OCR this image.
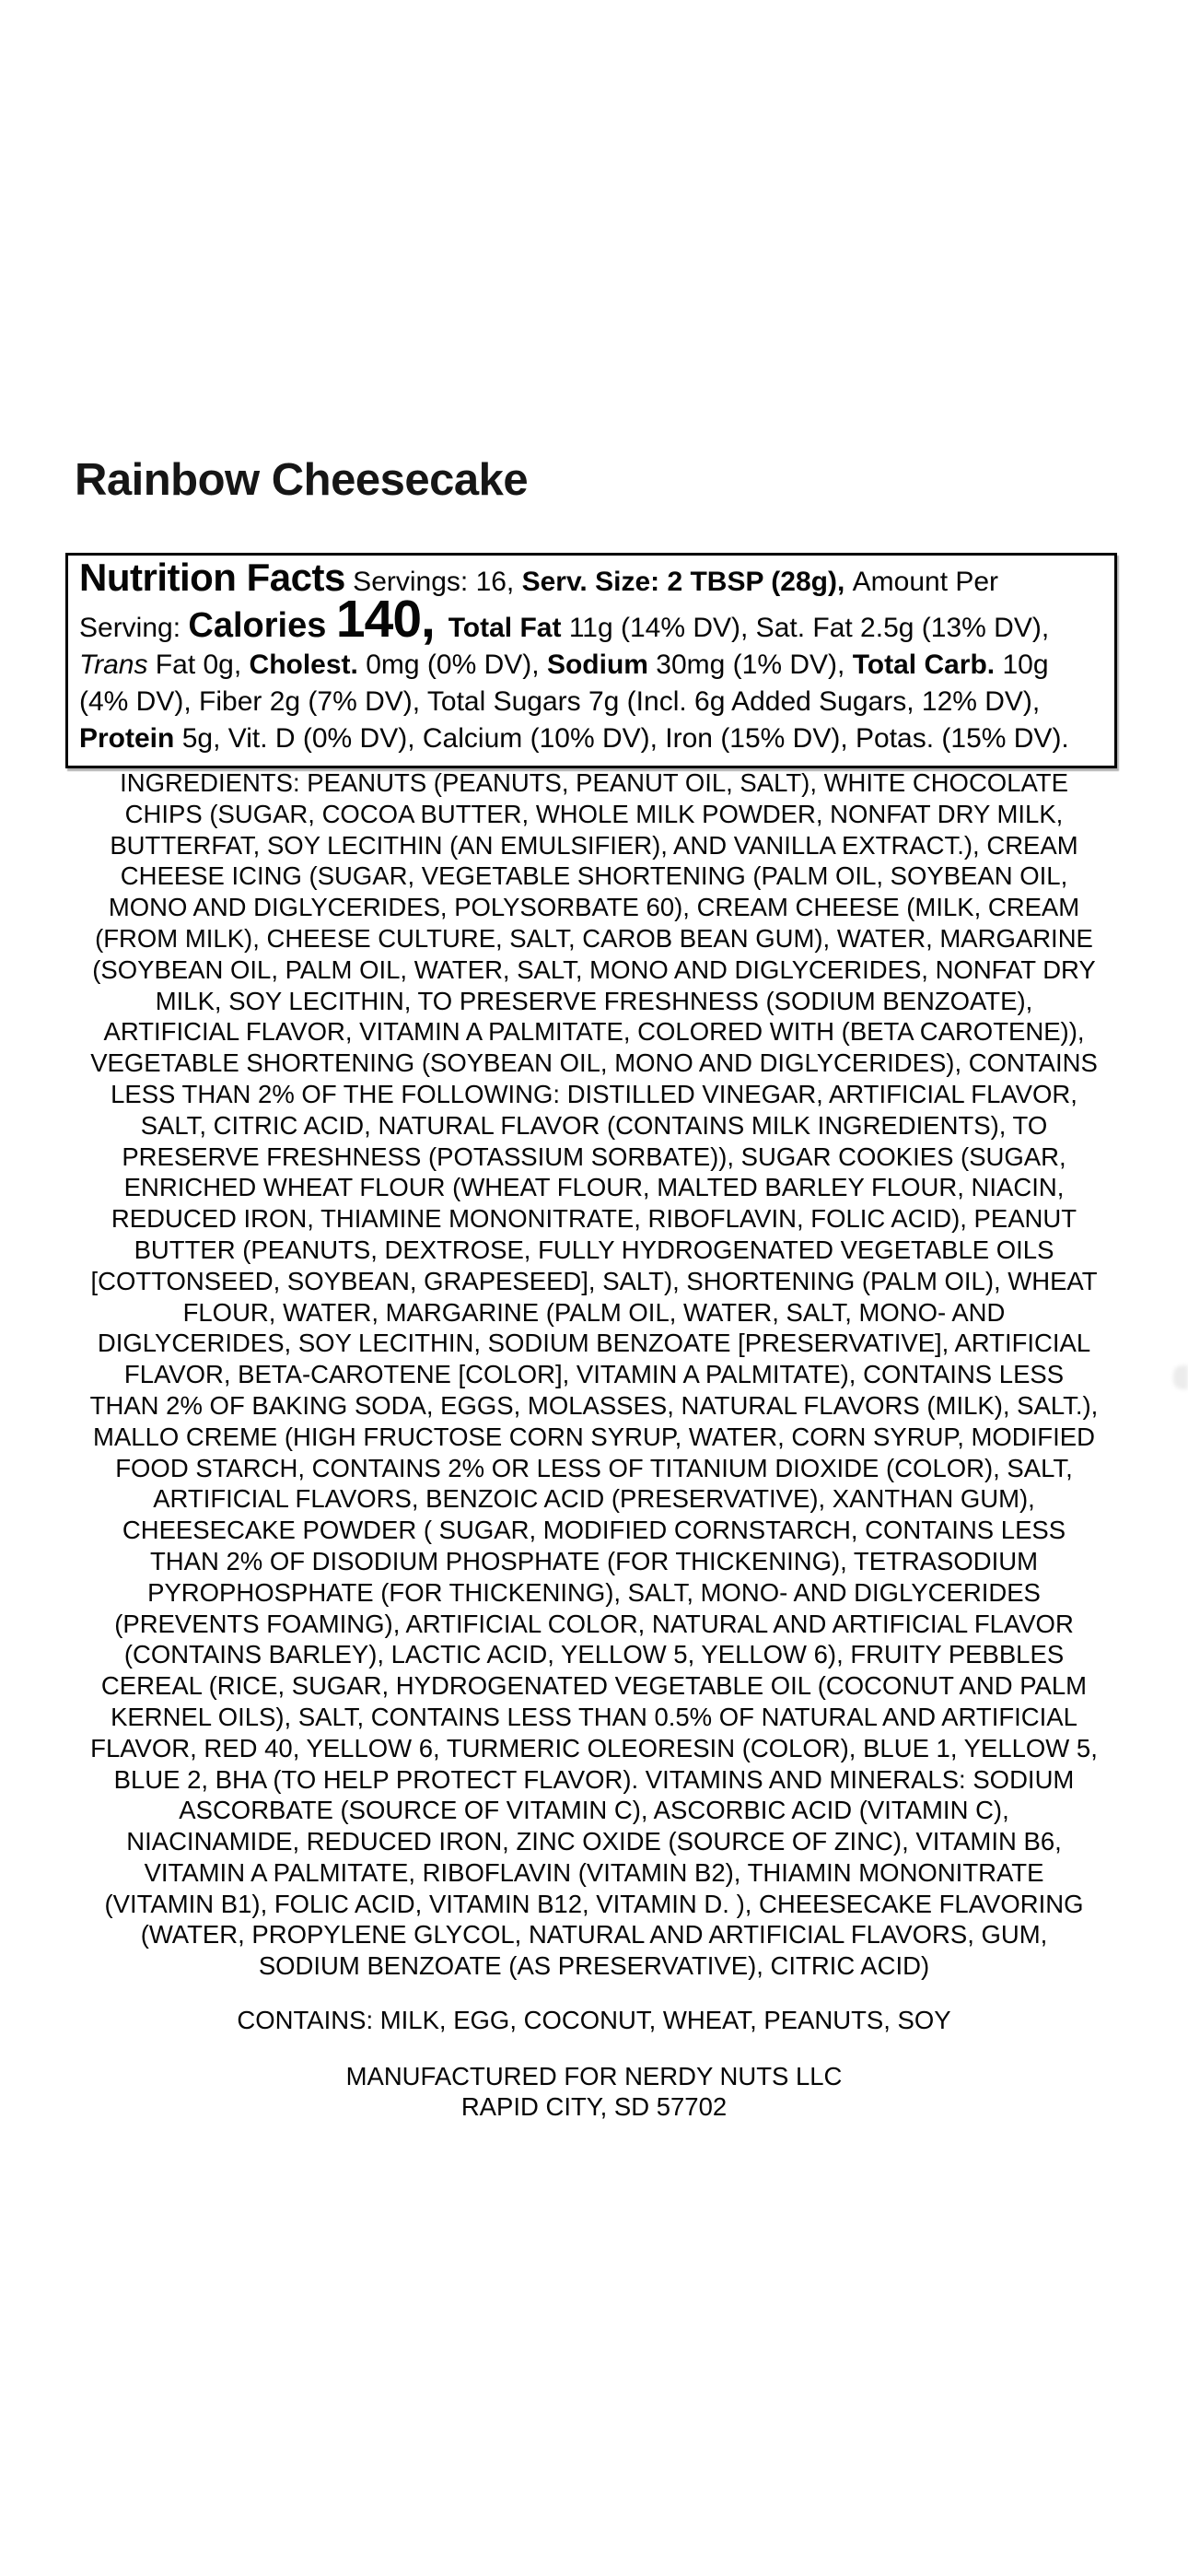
Rainbow Cheesecake

Nutrition Facts Servings: 16, Serv. Size: 2 TBSP (28g), Amount Per Serving: Calories 140, Total Fat 11g (14% DV), Sat. Fat 2.5g (13% DV), Trans Fat 0g, Cholest. 0mg (0% DV), Sodium 30mg (1% DV), Total Carb. 10g (4% DV), Fiber 2g (7% DV), Total Sugars 7g (Incl. 6g Added Sugars, 12% DV), Protein 5g, Vit. D (0% DV), Calcium (10% DV), Iron (15% DV), Potas. (15% DV).

INGREDIENTS: PEANUTS (PEANUTS, PEANUT OIL, SALT), WHITE CHOCOLATE
CHIPS (SUGAR, COCOA BUTTER, WHOLE MILK POWDER, NONFAT DRY MILK,
BUTTERFAT, SOY LECITHIN (AN EMULSIFIER), AND VANILLA EXTRACT.), CREAM
CHEESE ICING (SUGAR, VEGETABLE SHORTENING (PALM OIL, SOYBEAN OIL,
MONO AND DIGLYCERIDES, POLYSORBATE 60), CREAM CHEESE (MILK, CREAM
(FROM MILK), CHEESE CULTURE, SALT, CAROB BEAN GUM), WATER, MARGARINE
(SOYBEAN OIL, PALM OIL, WATER, SALT, MONO AND DIGLYCERIDES, NONFAT DRY
MILK, SOY LECITHIN, TO PRESERVE FRESHNESS (SODIUM BENZOATE),
ARTIFICIAL FLAVOR, VITAMIN A PALMITATE, COLORED WITH (BETA CAROTENE)),
VEGETABLE SHORTENING (SOYBEAN OIL, MONO AND DIGLYCERIDES), CONTAINS
LESS THAN 2% OF THE FOLLOWING: DISTILLED VINEGAR, ARTIFICIAL FLAVOR,
SALT, CITRIC ACID, NATURAL FLAVOR (CONTAINS MILK INGREDIENTS), TO
PRESERVE FRESHNESS (POTASSIUM SORBATE)), SUGAR COOKIES (SUGAR,
ENRICHED WHEAT FLOUR (WHEAT FLOUR, MALTED BARLEY FLOUR, NIACIN,
REDUCED IRON, THIAMINE MONONITRATE, RIBOFLAVIN, FOLIC ACID), PEANUT
BUTTER (PEANUTS, DEXTROSE, FULLY HYDROGENATED VEGETABLE OILS
[COTTONSEED, SOYBEAN, GRAPESEED], SALT), SHORTENING (PALM OIL), WHEAT
FLOUR, WATER, MARGARINE (PALM OIL, WATER, SALT, MONO- AND
DIGLYCERIDES, SOY LECITHIN, SODIUM BENZOATE [PRESERVATIVE], ARTIFICIAL
FLAVOR, BETA-CAROTENE [COLOR], VITAMIN A PALMITATE), CONTAINS LESS
THAN 2% OF BAKING SODA, EGGS, MOLASSES, NATURAL FLAVORS (MILK), SALT.),
MALLO CREME (HIGH FRUCTOSE CORN SYRUP, WATER, CORN SYRUP, MODIFIED
FOOD STARCH, CONTAINS 2% OR LESS OF TITANIUM DIOXIDE (COLOR), SALT,
ARTIFICIAL FLAVORS, BENZOIC ACID (PRESERVATIVE), XANTHAN GUM),
CHEESECAKE POWDER ( SUGAR, MODIFIED CORNSTARCH, CONTAINS LESS
THAN 2% OF DISODIUM PHOSPHATE (FOR THICKENING), TETRASODIUM
PYROPHOSPHATE (FOR THICKENING), SALT, MONO- AND DIGLYCERIDES
(PREVENTS FOAMING), ARTIFICIAL COLOR, NATURAL AND ARTIFICIAL FLAVOR
(CONTAINS BARLEY), LACTIC ACID, YELLOW 5, YELLOW 6), FRUITY PEBBLES
CEREAL (RICE, SUGAR, HYDROGENATED VEGETABLE OIL (COCONUT AND PALM
KERNEL OILS), SALT, CONTAINS LESS THAN 0.5% OF NATURAL AND ARTIFICIAL
FLAVOR, RED 40, YELLOW 6, TURMERIC OLEORESIN (COLOR), BLUE 1, YELLOW 5,
BLUE 2, BHA (TO HELP PROTECT FLAVOR). VITAMINS AND MINERALS: SODIUM
ASCORBATE (SOURCE OF VITAMIN C), ASCORBIC ACID (VITAMIN C),
NIACINAMIDE, REDUCED IRON, ZINC OXIDE (SOURCE OF ZINC), VITAMIN B6,
VITAMIN A PALMITATE, RIBOFLAVIN (VITAMIN B2), THIAMIN MONONITRATE
(VITAMIN B1), FOLIC ACID, VITAMIN B12, VITAMIN D. ), CHEESECAKE FLAVORING
(WATER, PROPYLENE GLYCOL, NATURAL AND ARTIFICIAL FLAVORS, GUM,
SODIUM BENZOATE (AS PRESERVATIVE), CITRIC ACID)

CONTAINS: MILK, EGG, COCONUT, WHEAT, PEANUTS, SOY

MANUFACTURED FOR NERDY NUTS LLC

RAPID CITY, SD 57702
